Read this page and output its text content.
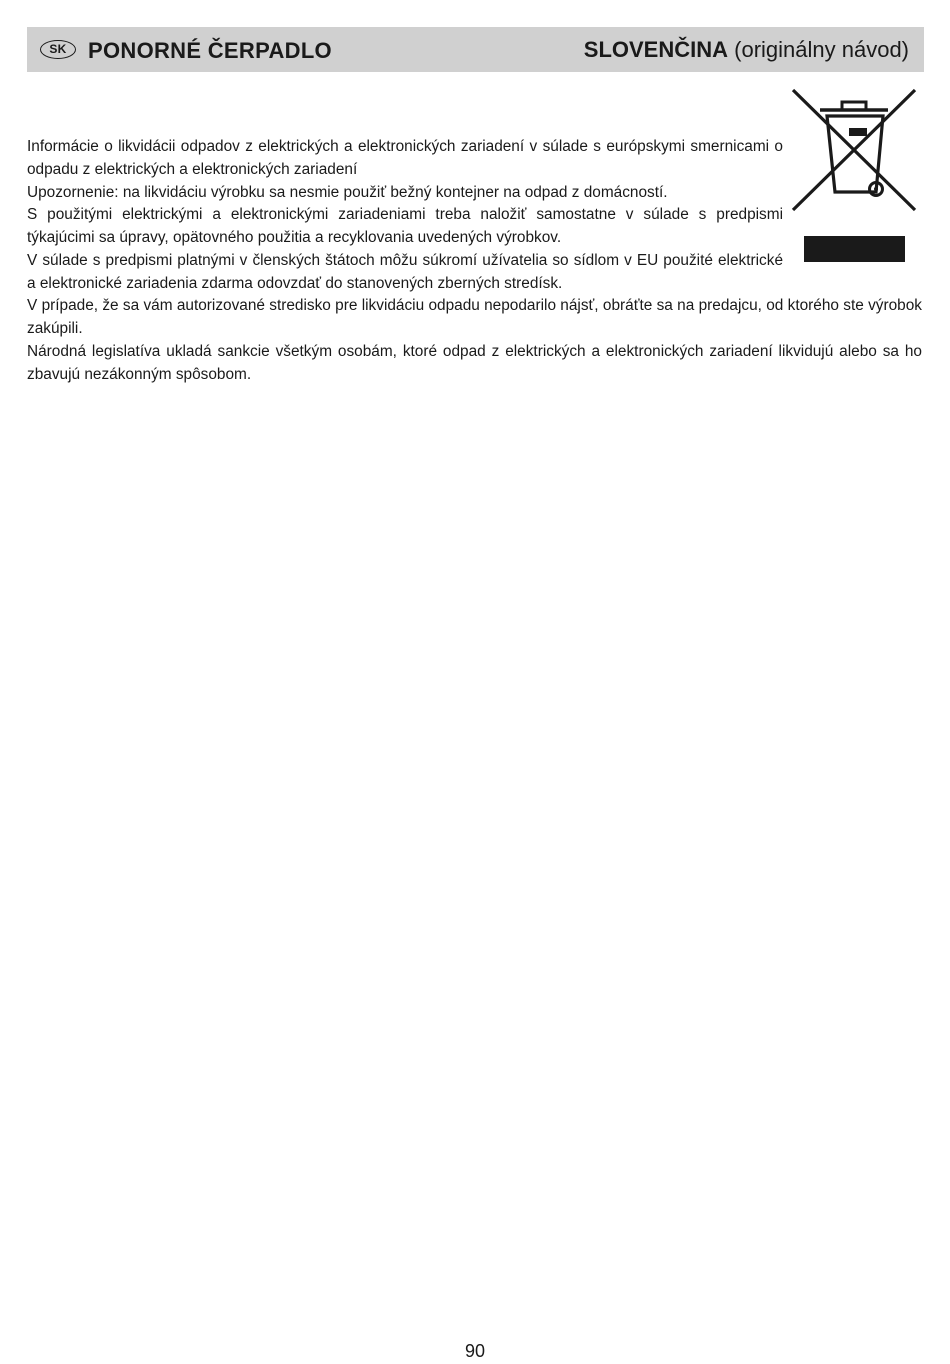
SK PONORNÉ ČERPADLO	SLOVENČINA (originálny návod)

Informácie o likvidácii odpadov z elektrických a elektronických zariadení v súlade s európskymi smernicami o odpadu z elektrických a elektronických zariadení

Upozornenie: na likvidáciu výrobku sa nesmie použiť bežný kontejner na odpad z domácností.

S použitými elektrickými a elektronickými zariadeniami treba naložiť samostatne v súlade s predpismi týkajúcimi sa úpravy, opätovného použitia a recyklovania uvedených výrobkov.

V súlade s predpismi platnými v členských štátoch môžu súkromí užívatelia so sídlom v EU použité elektrické a elektronické zariadenia zdarma odovzdať do stanovených zberných stredísk.

V prípade, že sa vám autorizované stredisko pre likvidáciu odpadu nepodarilo nájsť, obráťte sa na predajcu, od ktorého ste výrobok zakúpili.

Národná legislatíva ukladá sankcie všetkým osobám, ktoré odpad z elektrických a elektronických zariadení likvidujú alebo sa ho zbavujú nezákonným spôsobom.

90
